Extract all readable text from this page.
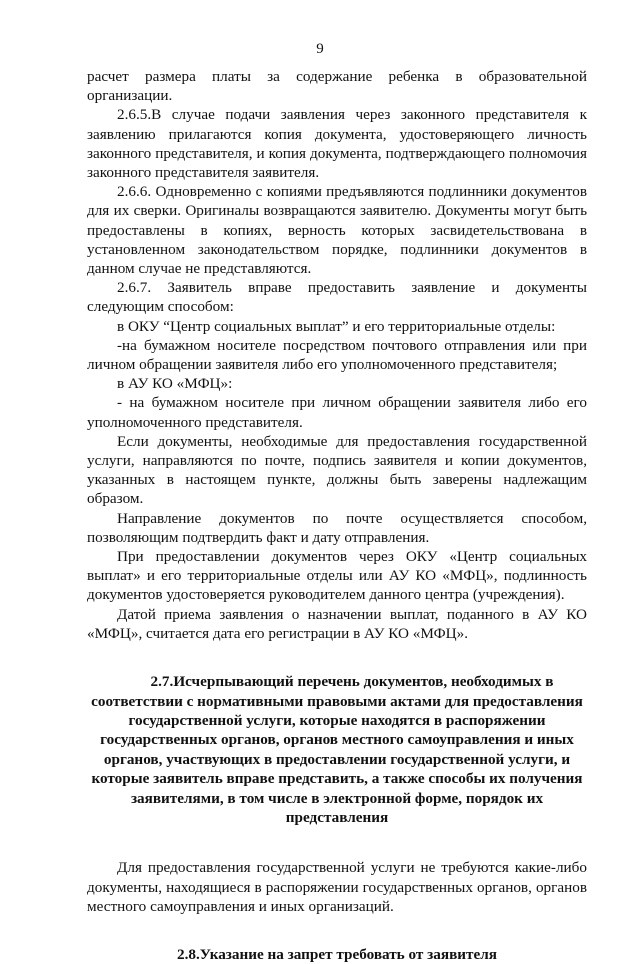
9

расчет размера платы за содержание ребенка в образовательной организации.

2.6.5.В случае подачи заявления через законного представителя к заявлению прилагаются копия документа, удостоверяющего личность законного представителя, и копия документа, подтверждающего полномочия законного представителя заявителя.

2.6.6. Одновременно с копиями предъявляются подлинники документов для их сверки. Оригиналы возвращаются заявителю. Документы могут быть предоставлены в копиях, верность которых засвидетельствована в установленном законодательством порядке, подлинники документов в данном случае не представляются.

2.6.7. Заявитель вправе предоставить заявление и документы следующим способом:

в ОКУ “Центр социальных выплат” и его территориальные отделы:

-на бумажном носителе посредством почтового отправления или при личном обращении заявителя либо его уполномоченного представителя;

в АУ КО «МФЦ»:

- на бумажном носителе при личном обращении заявителя либо его уполномоченного представителя.

Если документы, необходимые для предоставления государственной услуги, направляются по почте, подпись заявителя и копии документов, указанных в настоящем пункте, должны быть заверены надлежащим образом.

Направление документов по почте осуществляется способом, позволяющим подтвердить факт и дату отправления.

При предоставлении документов через ОКУ «Центр социальных выплат» и его территориальные отделы или АУ КО «МФЦ», подлинность документов удостоверяется руководителем данного центра (учреждения).

Датой приема заявления о назначении выплат, поданного в АУ КО «МФЦ», считается дата его регистрации в АУ КО «МФЦ».

2.7.Исчерпывающий перечень документов, необходимых в соответствии с нормативными правовыми актами для предоставления государственной услуги, которые находятся в распоряжении государственных органов, органов местного самоуправления и иных органов, участвующих в предоставлении государственной услуги, и которые заявитель вправе представить, а также способы их получения заявителями, в том числе в электронной форме, порядок их представления

Для предоставления государственной услуги не требуются какие-либо документы, находящиеся в распоряжении государственных органов, органов местного самоуправления и иных организаций.

2.8.Указание на запрет требовать от заявителя
